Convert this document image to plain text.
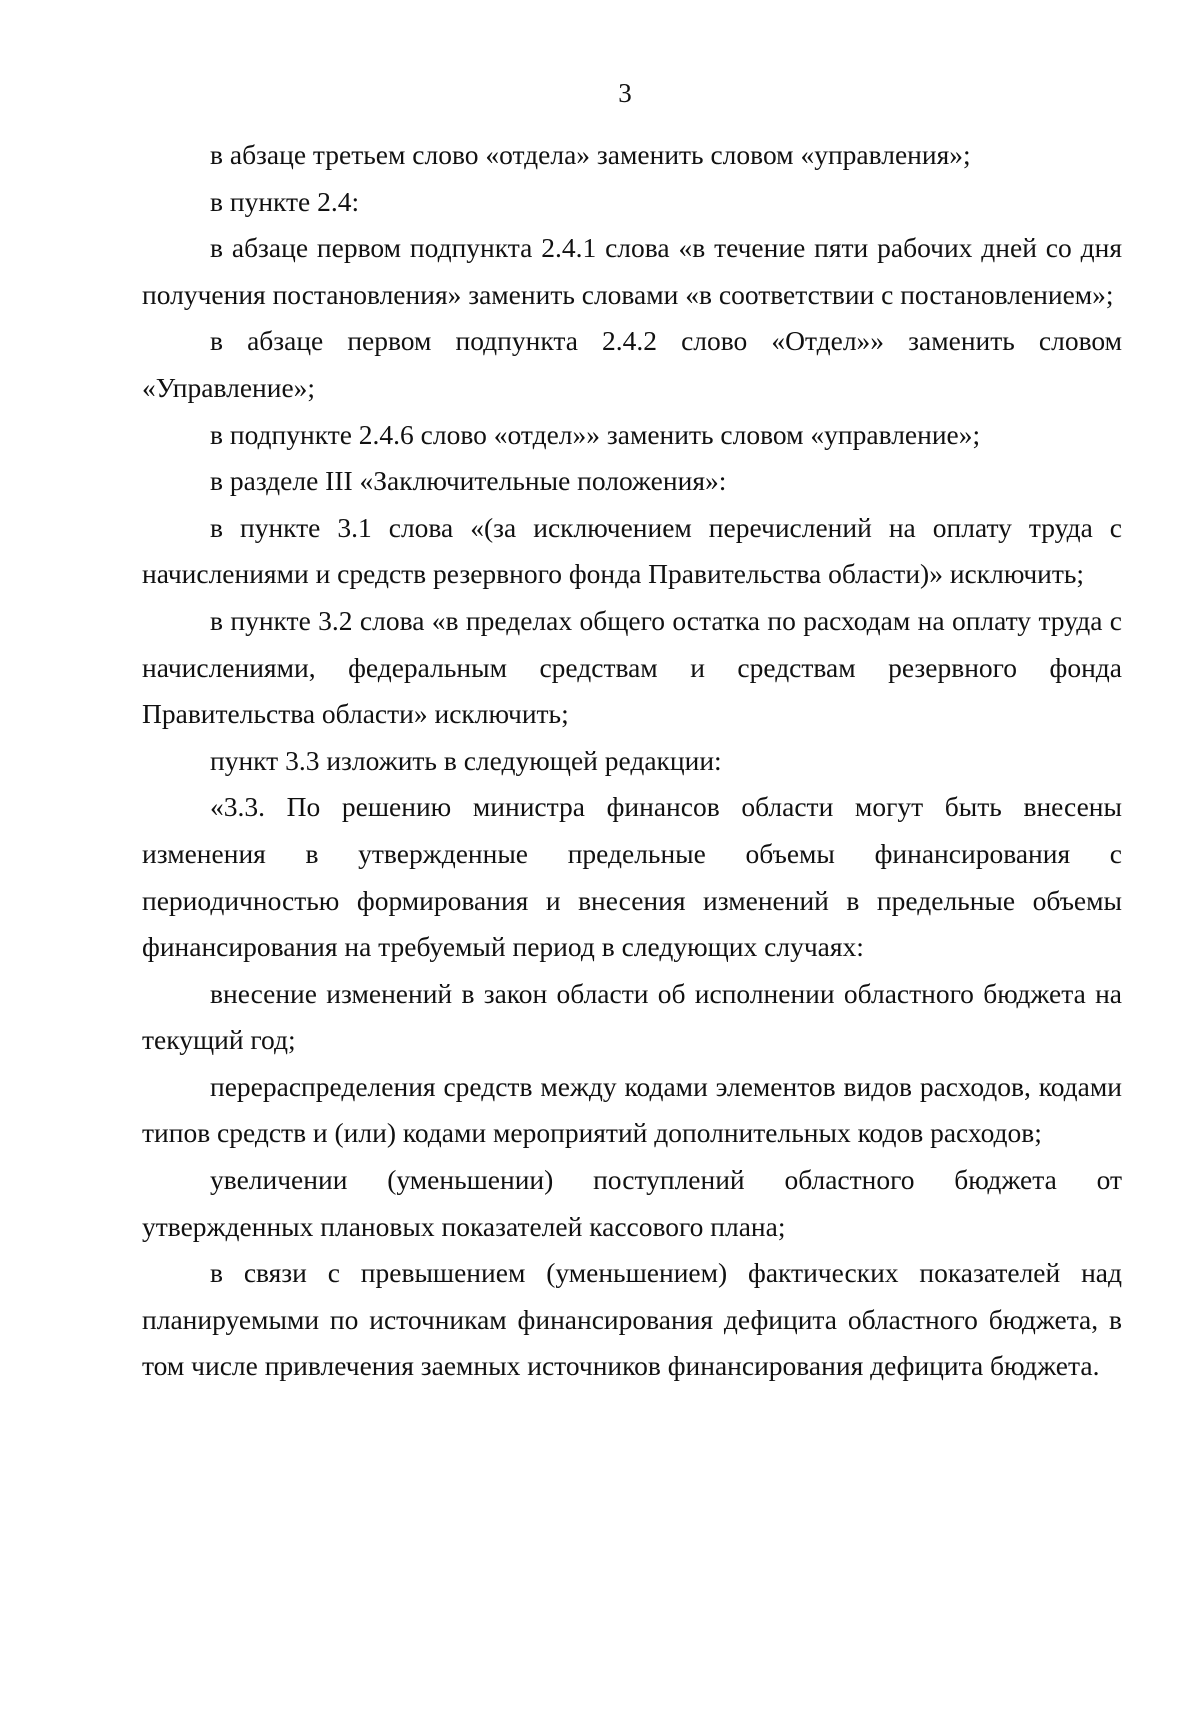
3

в абзаце третьем слово «отдела» заменить словом «управления»;

в пункте 2.4:

в абзаце первом подпункта 2.4.1 слова «в течение пяти рабочих дней со дня получения постановления» заменить словами «в соответствии с постановлением»;

в абзаце первом подпункта 2.4.2 слово «Отдел»» заменить словом «Управление»;

в подпункте 2.4.6 слово «отдел»» заменить словом «управление»;

в разделе III «Заключительные положения»:

в пункте 3.1 слова «(за исключением перечислений на оплату труда с начислениями и средств резервного фонда Правительства области)» исключить;

в пункте 3.2 слова «в пределах общего остатка по расходам на оплату труда с начислениями, федеральным средствам и средствам резервного фонда Правительства области» исключить;

пункт 3.3 изложить в следующей редакции:

«3.3. По решению министра финансов области могут быть внесены изменения в утвержденные предельные объемы финансирования с периодичностью формирования и внесения изменений в предельные объемы финансирования на требуемый период в следующих случаях:

внесение изменений в закон области об исполнении областного бюджета на текущий год;

перераспределения средств между кодами элементов видов расходов, кодами типов средств и (или) кодами мероприятий дополнительных кодов расходов;

увеличении (уменьшении) поступлений областного бюджета от утвержденных плановых показателей кассового плана;

в связи с превышением (уменьшением) фактических показателей над планируемыми по источникам финансирования дефицита областного бюджета, в том числе привлечения заемных источников финансирования дефицита бюджета.
